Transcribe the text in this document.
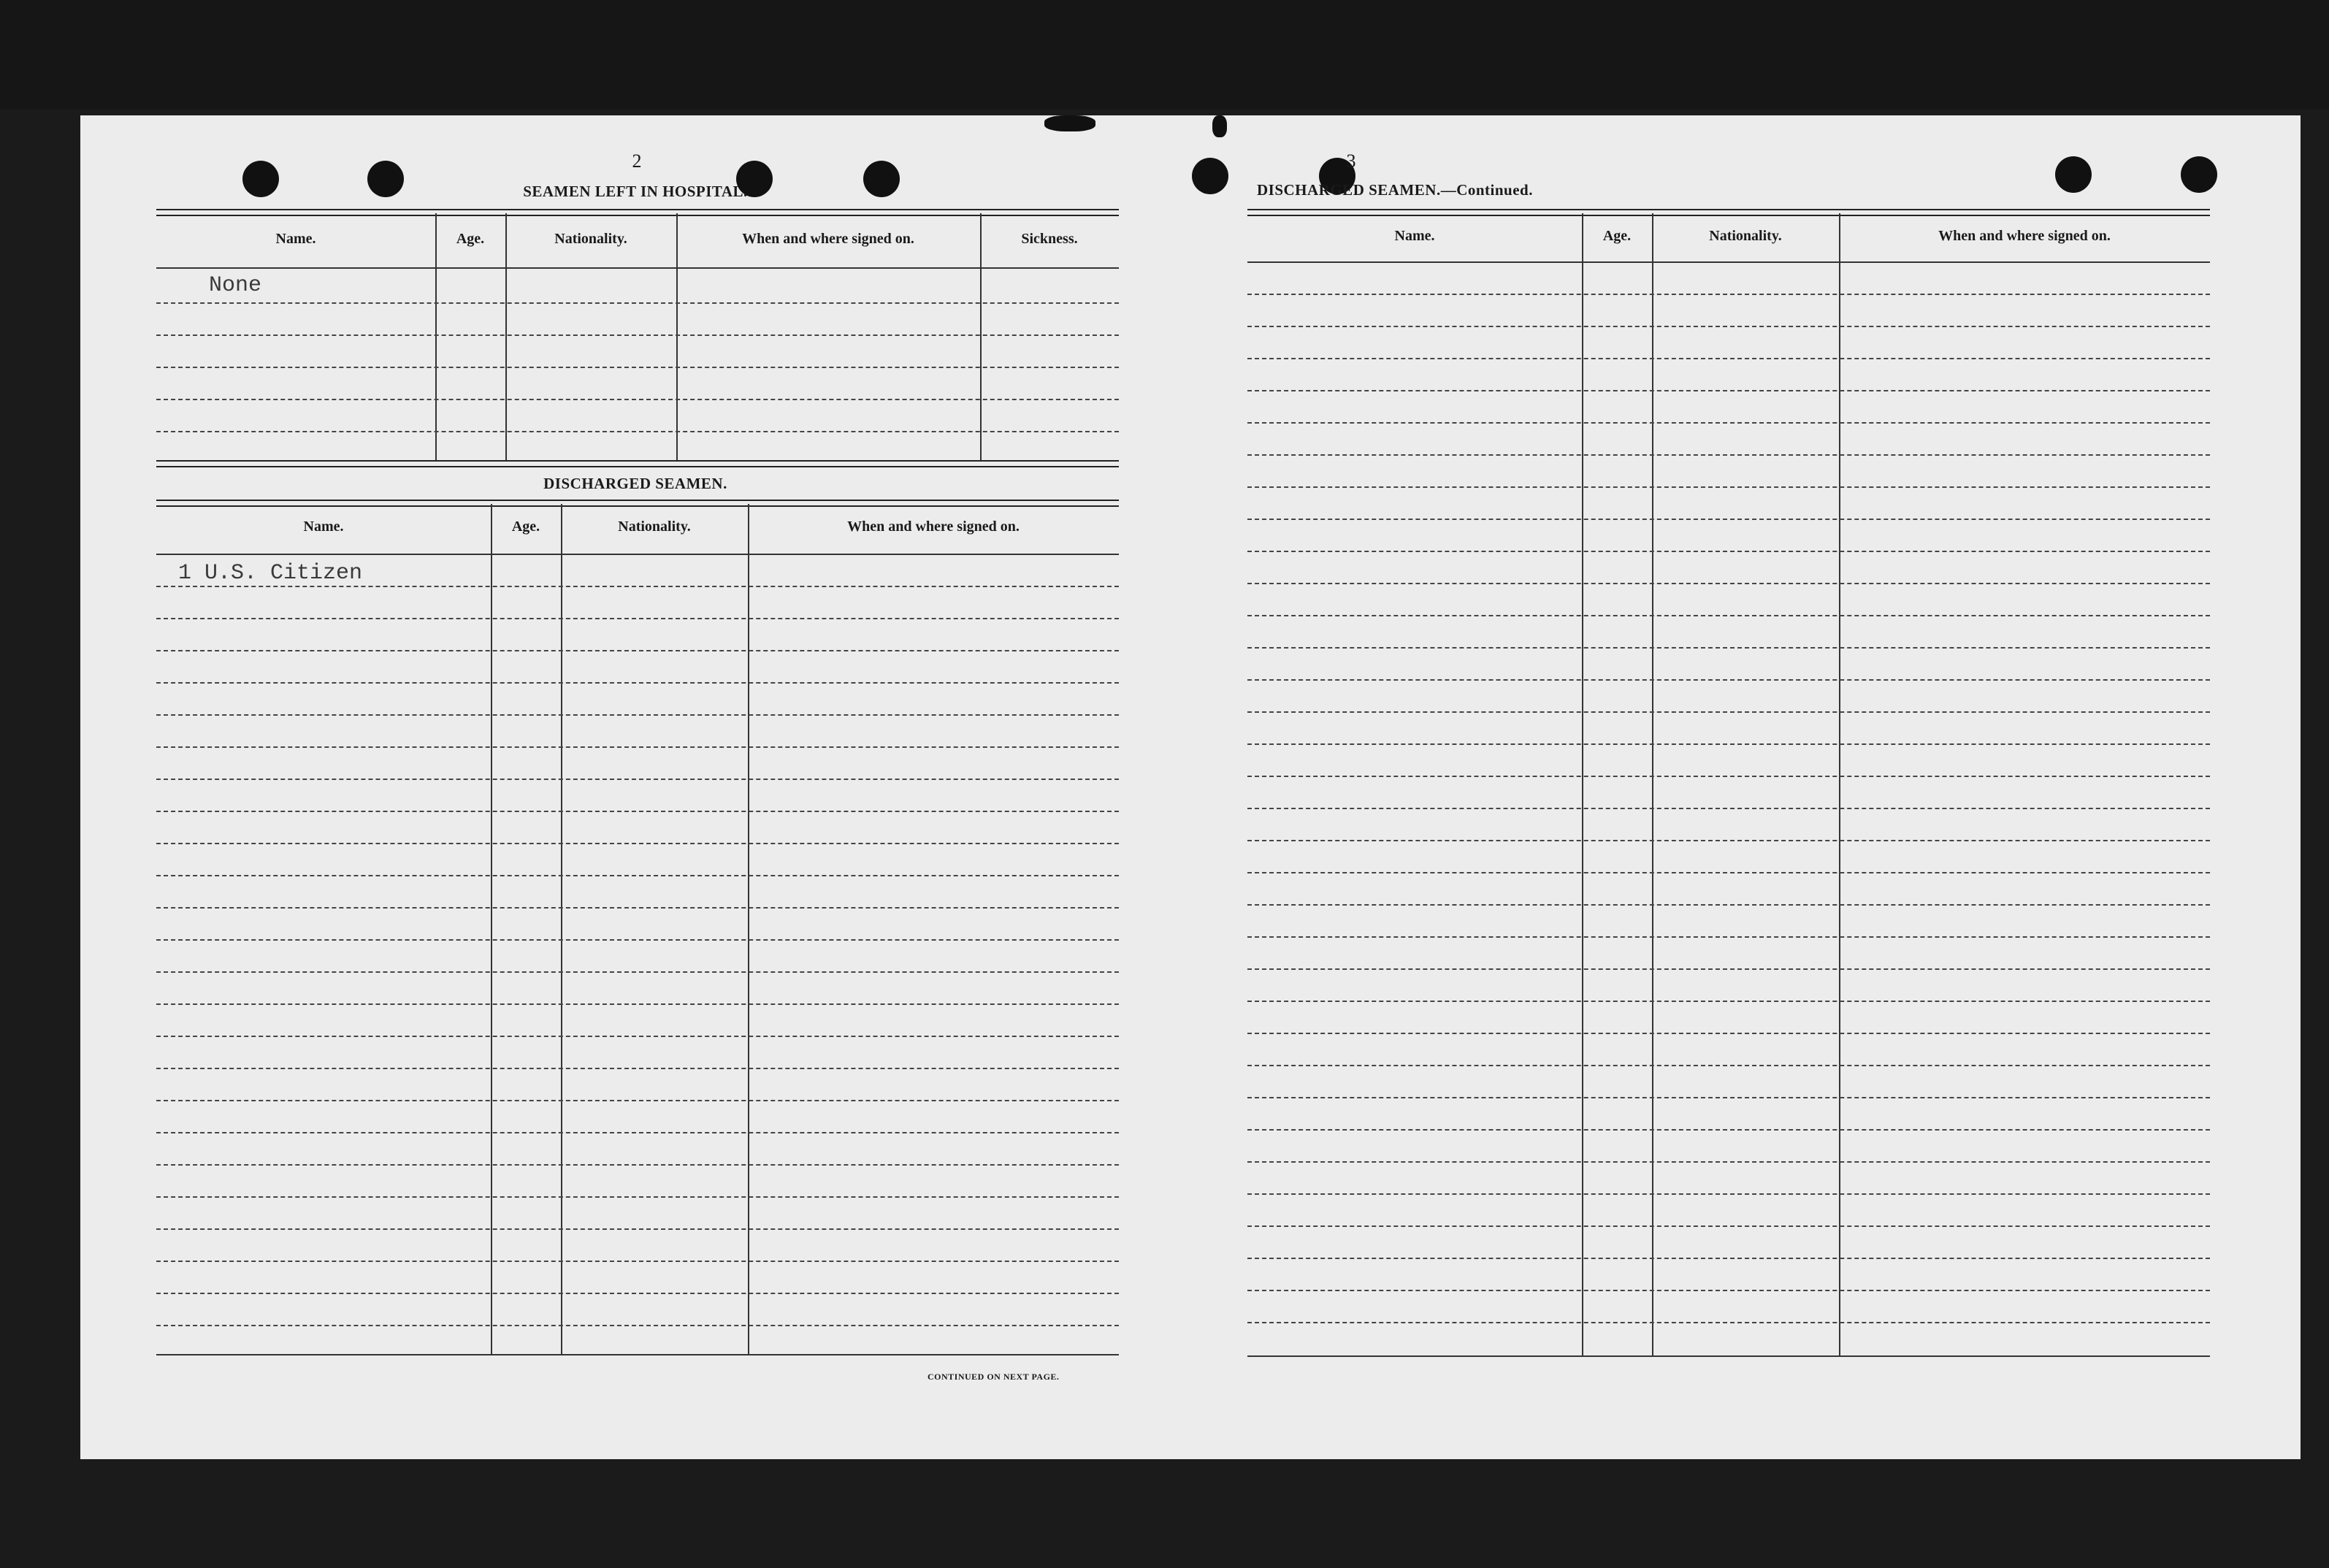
2
SEAMEN LEFT IN HOSPITAL.
Name.	Age.	Nationality.	When and where signed on.	Sickness.
None
DISCHARGED SEAMEN.
Name.	Age.	Nationality.	When and where signed on.
1 U.S. Citizen
CONTINUED ON NEXT PAGE.
3
DISCHARGED SEAMEN.—Continued.
Name.	Age.	Nationality.	When and where signed on.
